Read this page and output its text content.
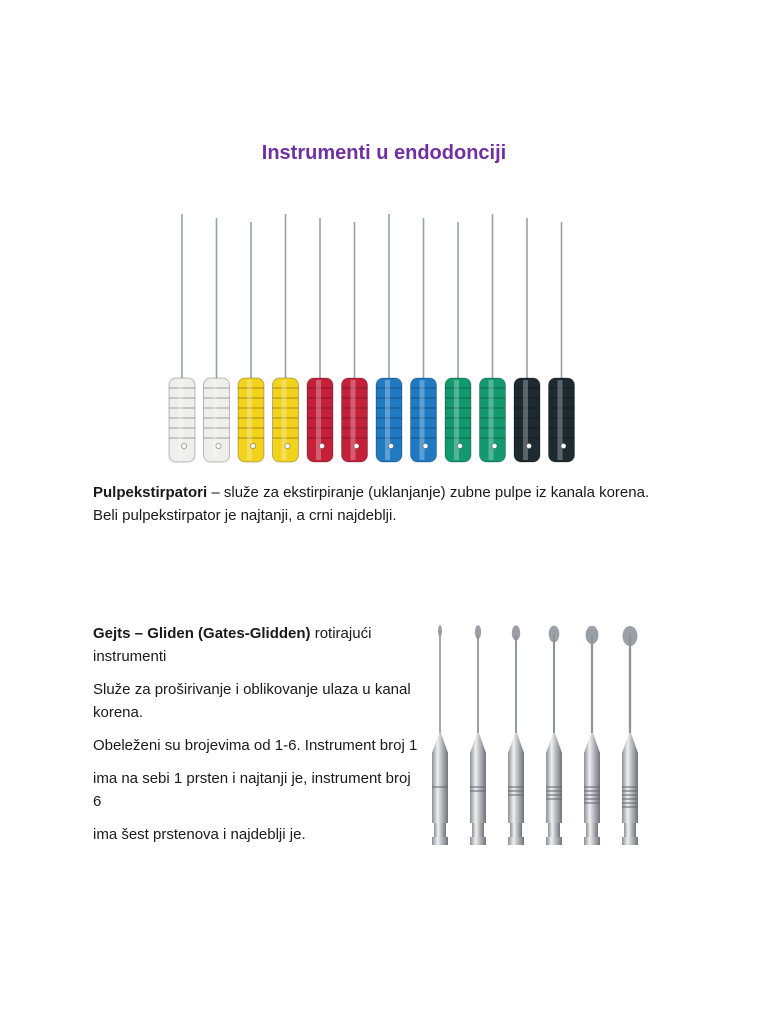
Instrumenti u endodonciji
Pulpekstirpatori – služe za ekstirpiranje (uklanjanje) zubne pulpe iz kanala korena. Beli pulpekstirpator je najtanji, a crni najdeblji.

Gejts – Gliden (Gates-Glidden) rotirajući instrumenti

Služe za proširivanje i oblikovanje ulaza u kanal korena.

Obeleženi su brojevima od 1-6. Instrument broj 1

ima na sebi 1 prsten i najtanji je, instrument broj 6

ima šest prstenova i najdeblji je.
